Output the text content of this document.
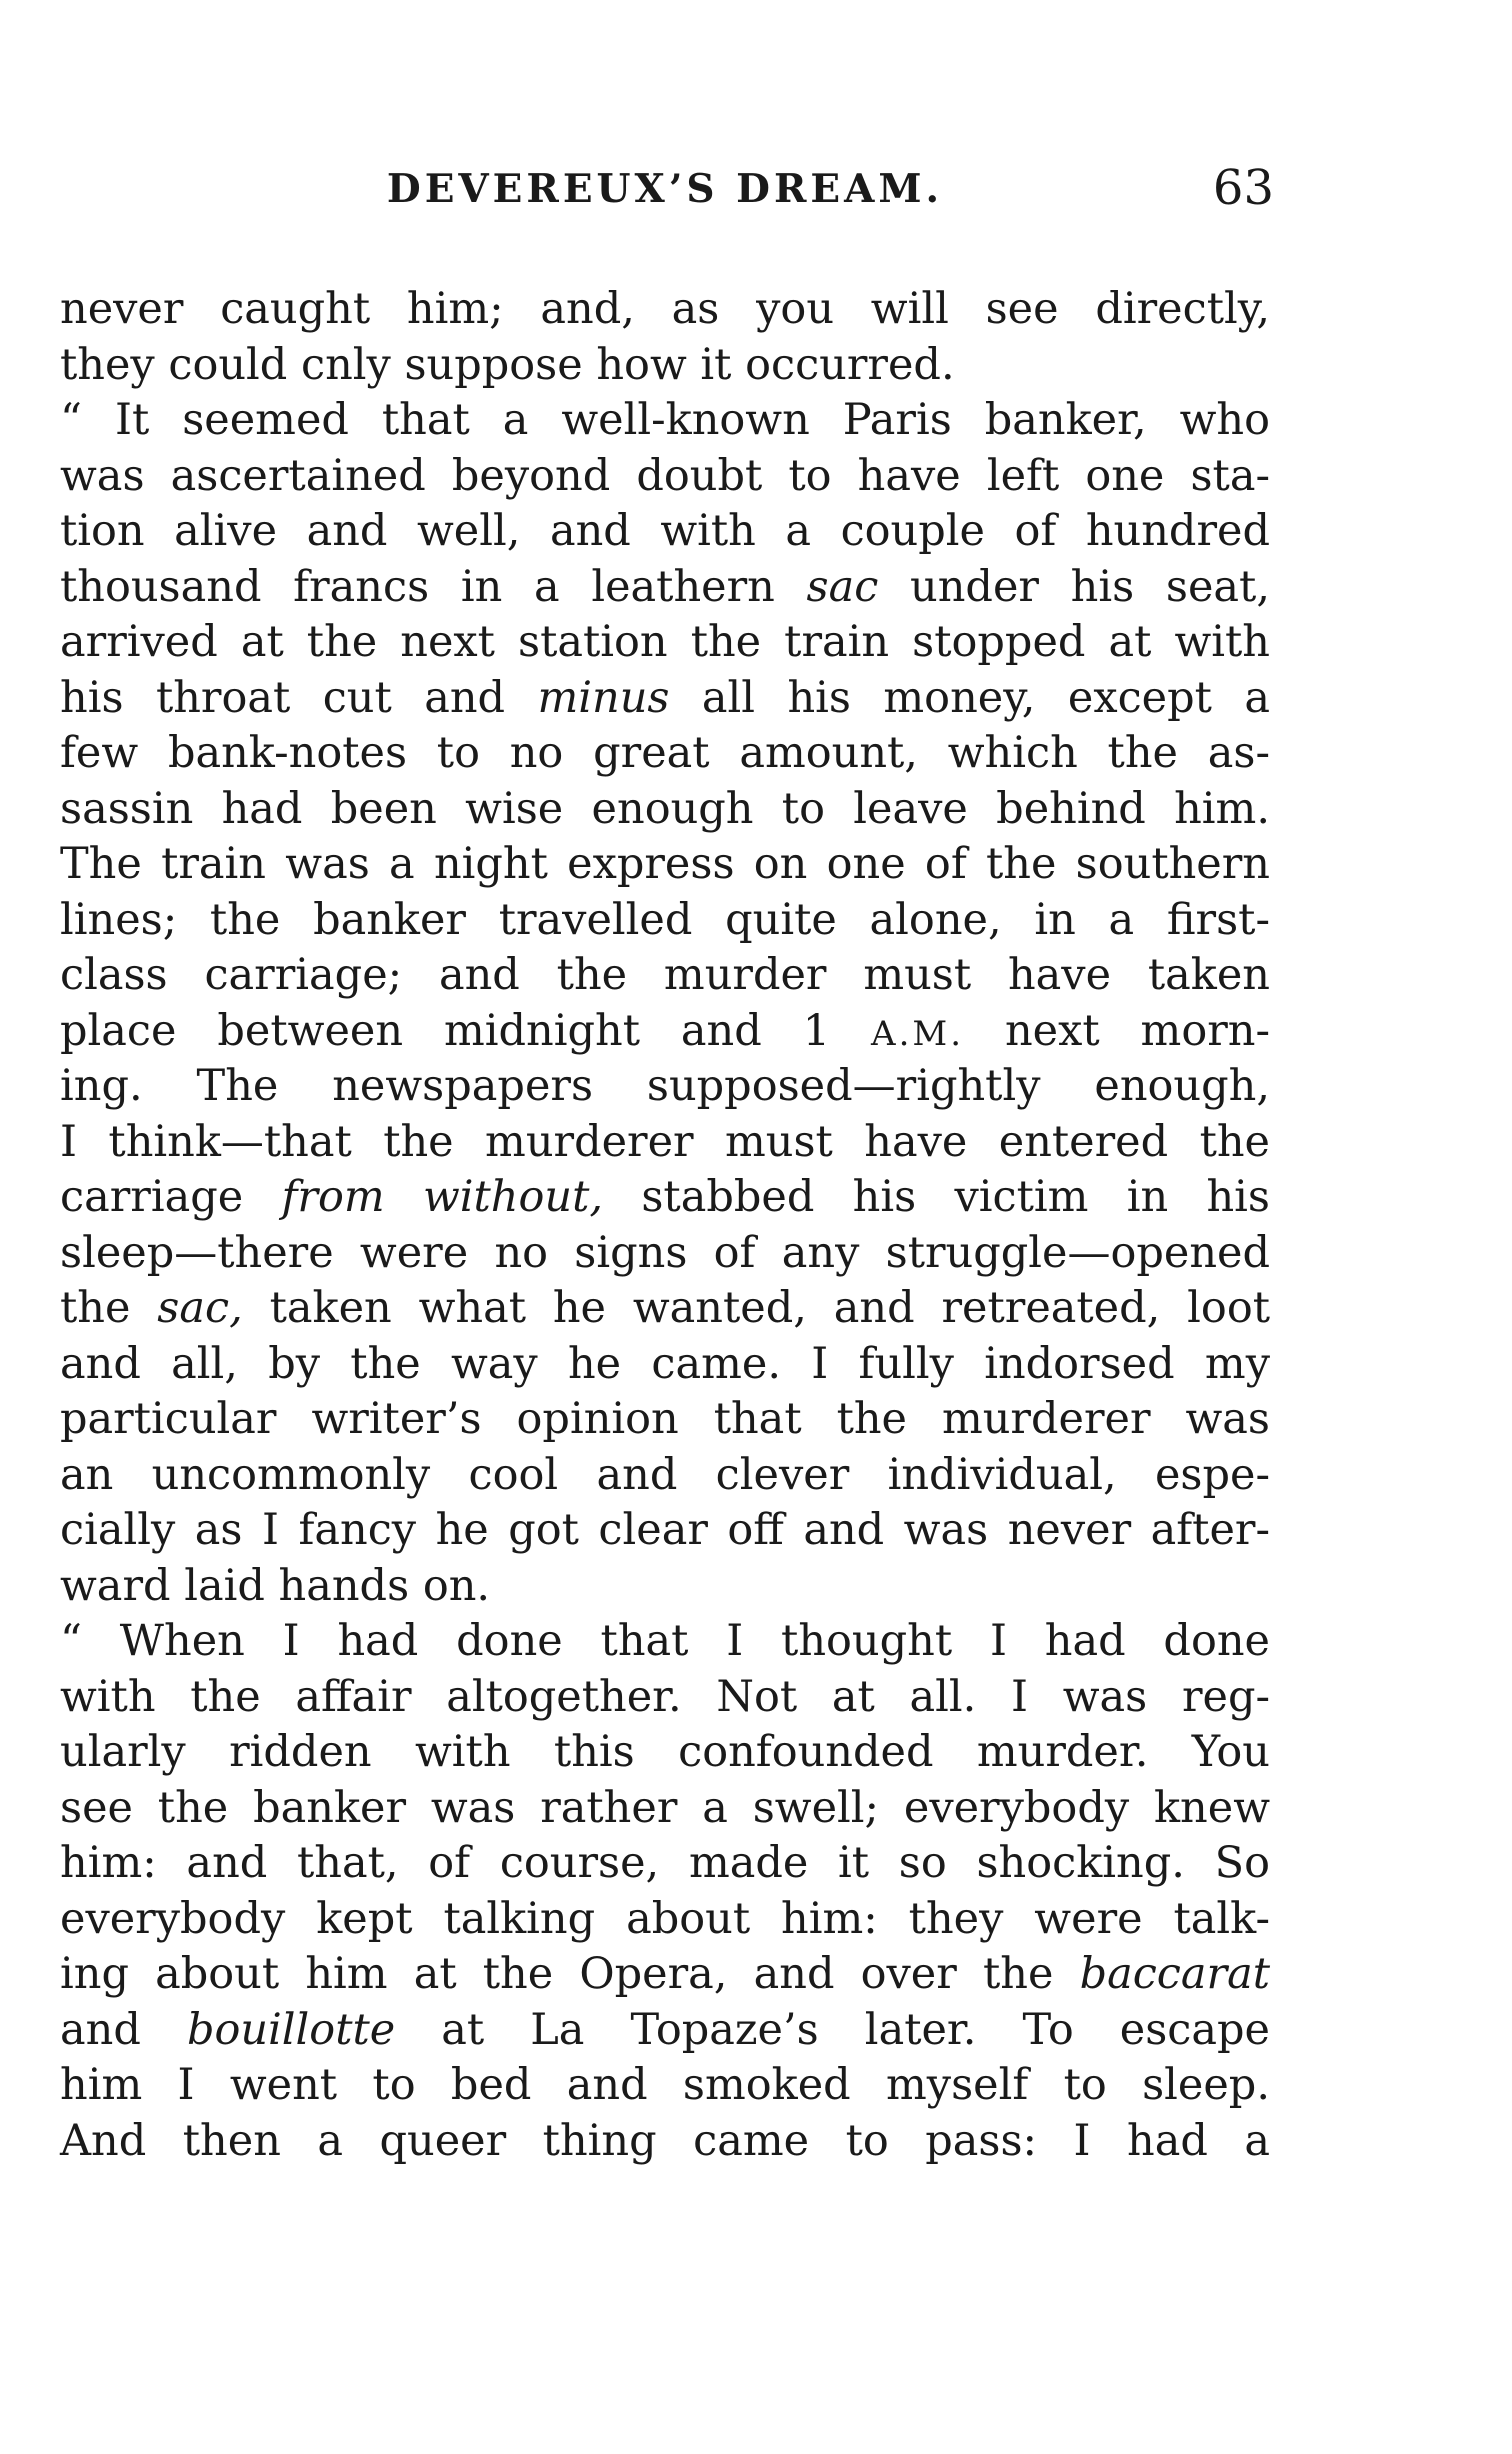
DEVEREUX’S DREAM.	63
never caught him; and, as you will see directly,
they could cnly suppose how it occurred.
“ It seemed that a well-known Paris banker, who
was ascertained beyond doubt to have left one sta-
tion alive and well, and with a couple of hundred
thousand francs in a leathern sac under his seat,
arrived at the next station the train stopped at with
his throat cut and minus all his money, except a
few bank-notes to no great amount, which the as-
sassin had been wise enough to leave behind him.
The train was a night express on one of the southern
lines; the banker travelled quite alone, in a first-
class carriage; and the murder must have taken
place between midnight and 1 A.M. next morn-
ing. The newspapers supposed—rightly enough,
I think—that the murderer must have entered the
carriage from without, stabbed his victim in his
sleep—there were no signs of any struggle—opened
the sac, taken what he wanted, and retreated, loot
and all, by the way he came. I fully indorsed my
particular writer’s opinion that the murderer was
an uncommonly cool and clever individual, espe-
cially as I fancy he got clear off and was never after-
ward laid hands on.
“ When I had done that I thought I had done
with the affair altogether. Not at all. I was reg-
ularly ridden with this confounded murder. You
see the banker was rather a swell; everybody knew
him: and that, of course, made it so shocking. So
everybody kept talking about him: they were talk-
ing about him at the Opera, and over the baccarat
and bouillotte at La Topaze’s later. To escape
him I went to bed and smoked myself to sleep.
And then a queer thing came to pass: I had a
